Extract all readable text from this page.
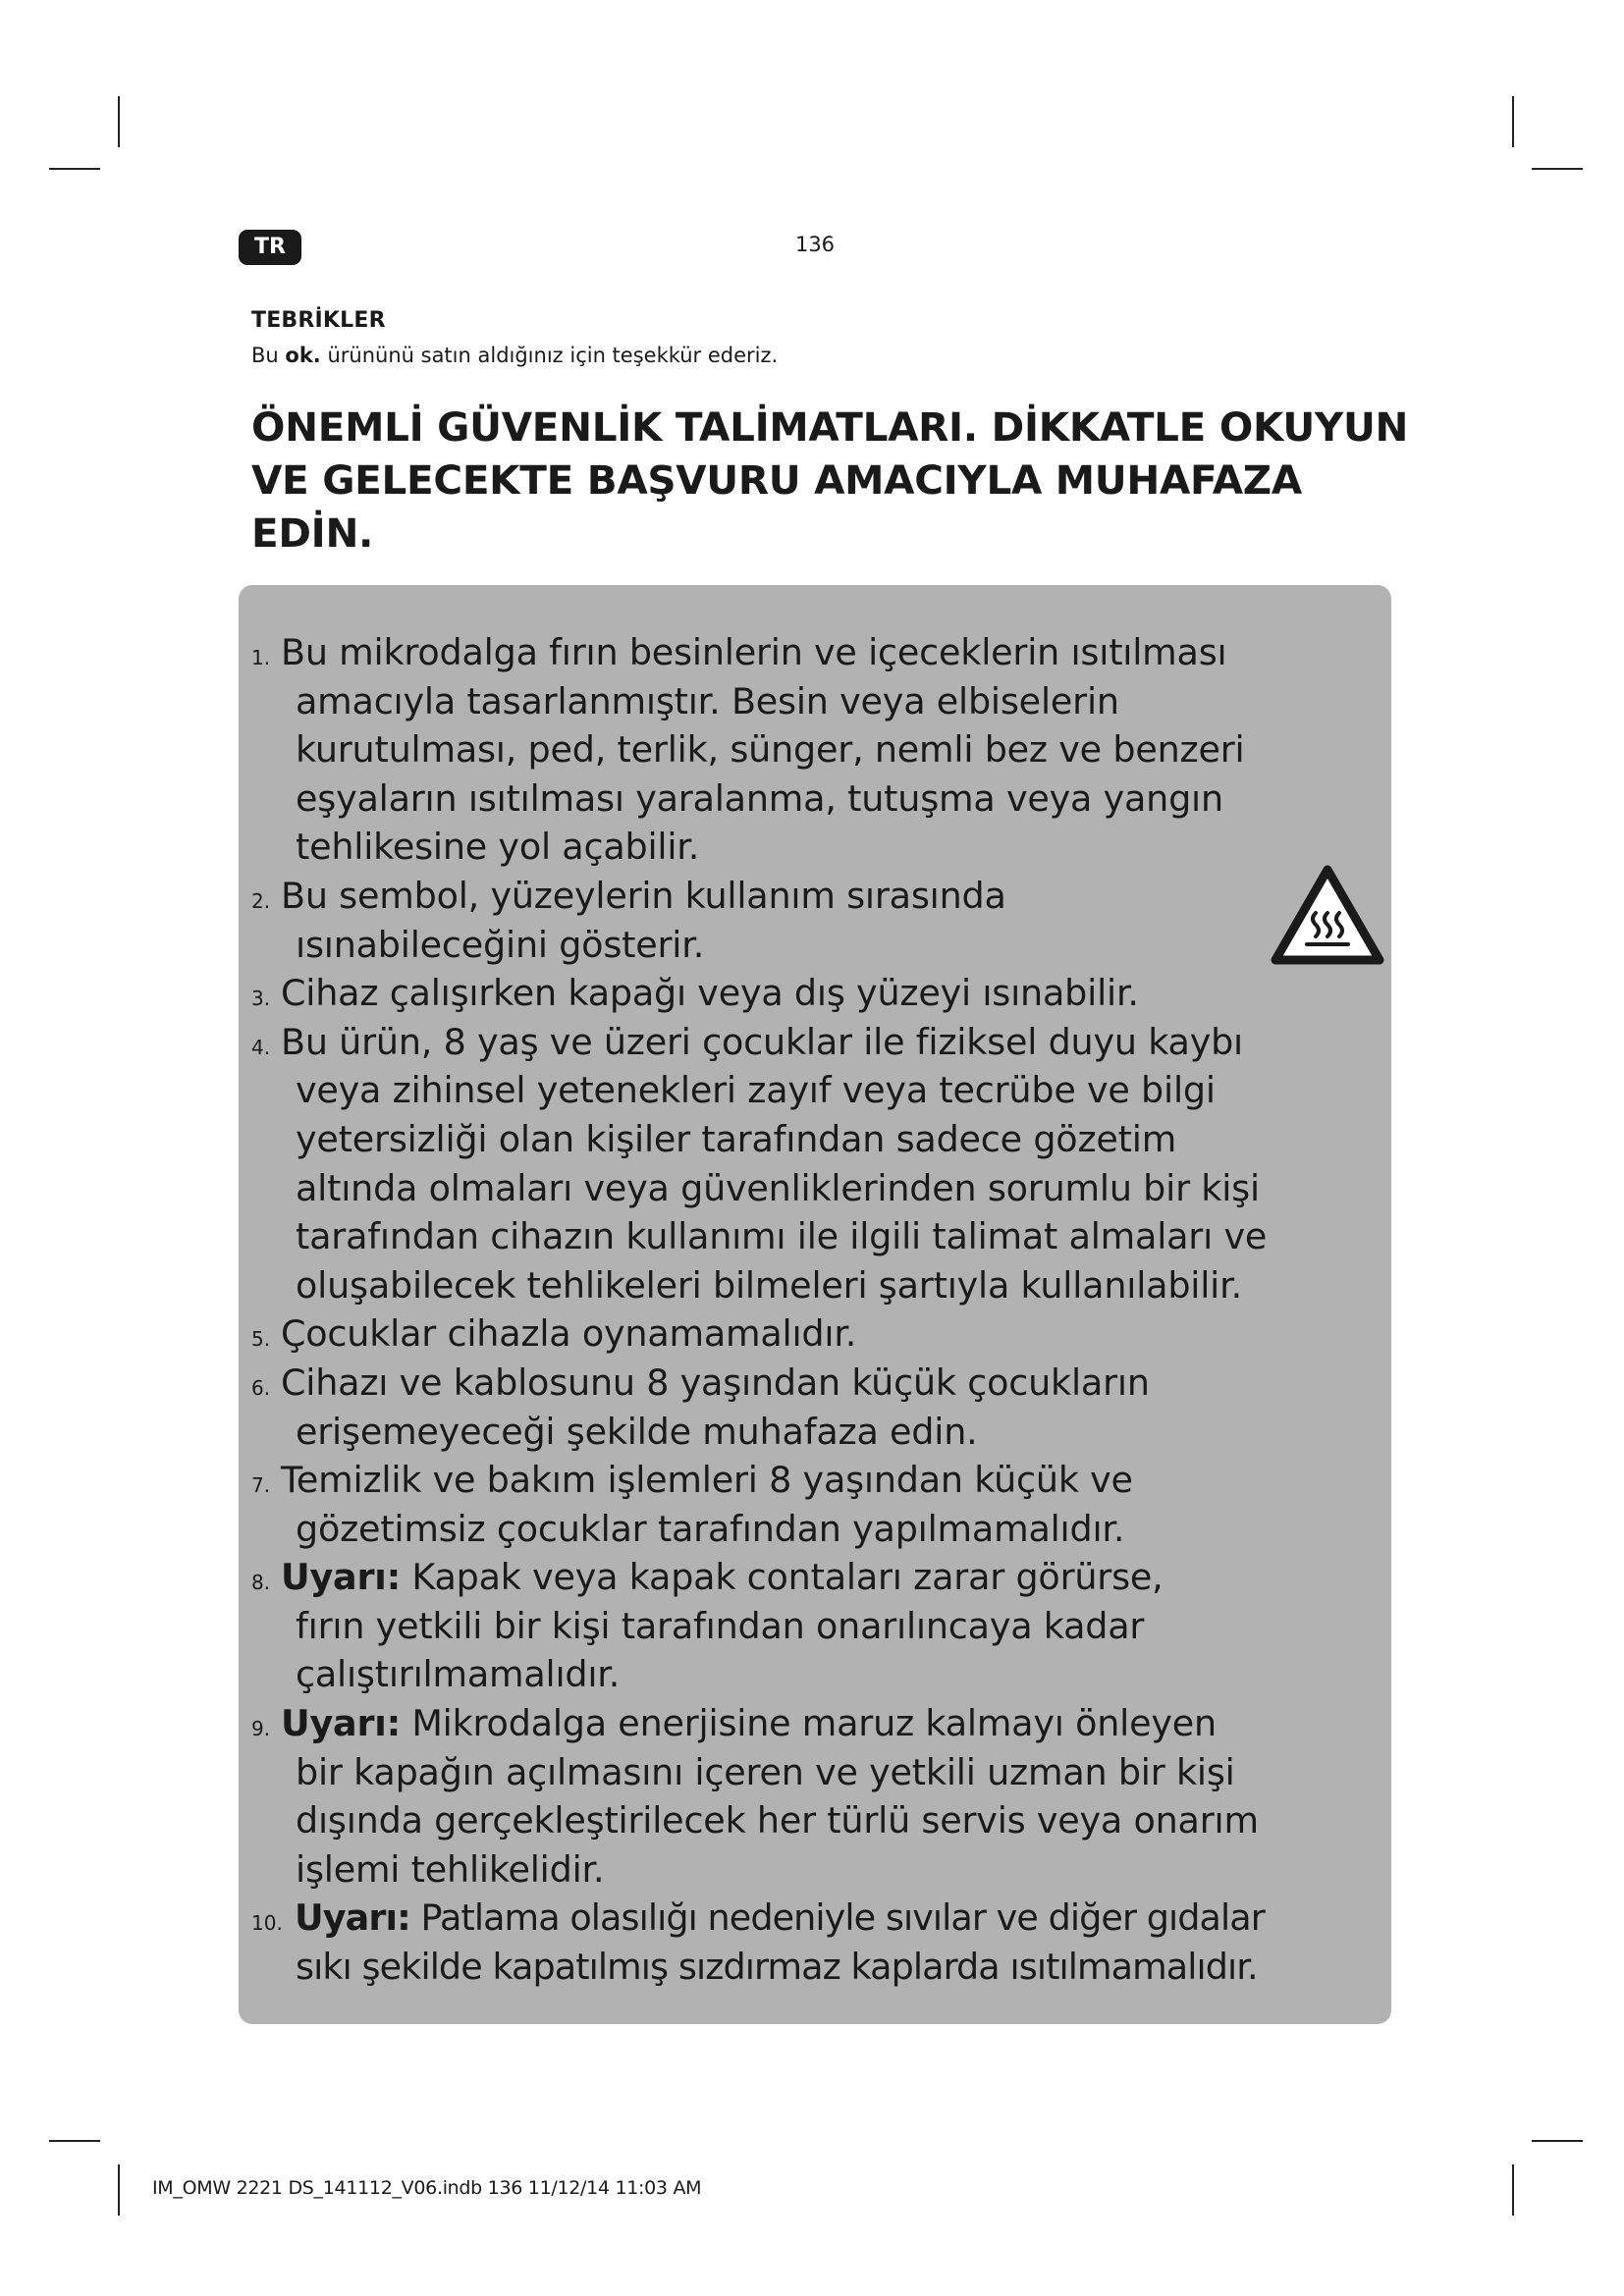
TR	136
TEBRİKLER
Bu ok. ürününü satın aldığınız için teşekkür ederiz.
ÖNEMLİ GÜVENLİK TALİMATLARI. DİKKATLE OKUYUN
VE GELECEKTE BAŞVURU AMACIYLA MUHAFAZA EDİN.
1. Bu mikrodalga fırın besinlerin ve içeceklerin ısıtılması
amacıyla tasarlanmıştır. Besin veya elbiselerin
kurutulması, ped, terlik, sünger, nemli bez ve benzeri
eşyaların ısıtılması yaralanma, tutuşma veya yangın
tehlikesine yol açabilir.
2. Bu sembol, yüzeylerin kullanım sırasında
ısınabileceğini gösterir.
3. Cihaz çalışırken kapağı veya dış yüzeyi ısınabilir.
4. Bu ürün, 8 yaş ve üzeri çocuklar ile fiziksel duyu kaybı
veya zihinsel yetenekleri zayıf veya tecrübe ve bilgi
yetersizliği olan kişiler tarafından sadece gözetim
altında olmaları veya güvenliklerinden sorumlu bir kişi
tarafından cihazın kullanımı ile ilgili talimat almaları ve
oluşabilecek tehlikeleri bilmeleri şartıyla kullanılabilir.
5. Çocuklar cihazla oynamamalıdır.
6. Cihazı ve kablosunu 8 yaşından küçük çocukların
erişemeyeceği şekilde muhafaza edin.
7. Temizlik ve bakım işlemleri 8 yaşından küçük ve
gözetimsiz çocuklar tarafından yapılmamalıdır.
8. Uyarı: Kapak veya kapak contaları zarar görürse,
fırın yetkili bir kişi tarafından onarılıncaya kadar
çalıştırılmamalıdır.
9. Uyarı: Mikrodalga enerjisine maruz kalmayı önleyen
bir kapağın açılmasını içeren ve yetkili uzman bir kişi
dışında gerçekleştirilecek her türlü servis veya onarım
işlemi tehlikelidir.
10. Uyarı: Patlama olasılığı nedeniyle sıvılar ve diğer gıdalar
sıkı şekilde kapatılmış sızdırmaz kaplarda ısıtılmamalıdır.
IM_OMW 2221 DS_141112_V06.indb 136 11/12/14 11:03 AM
